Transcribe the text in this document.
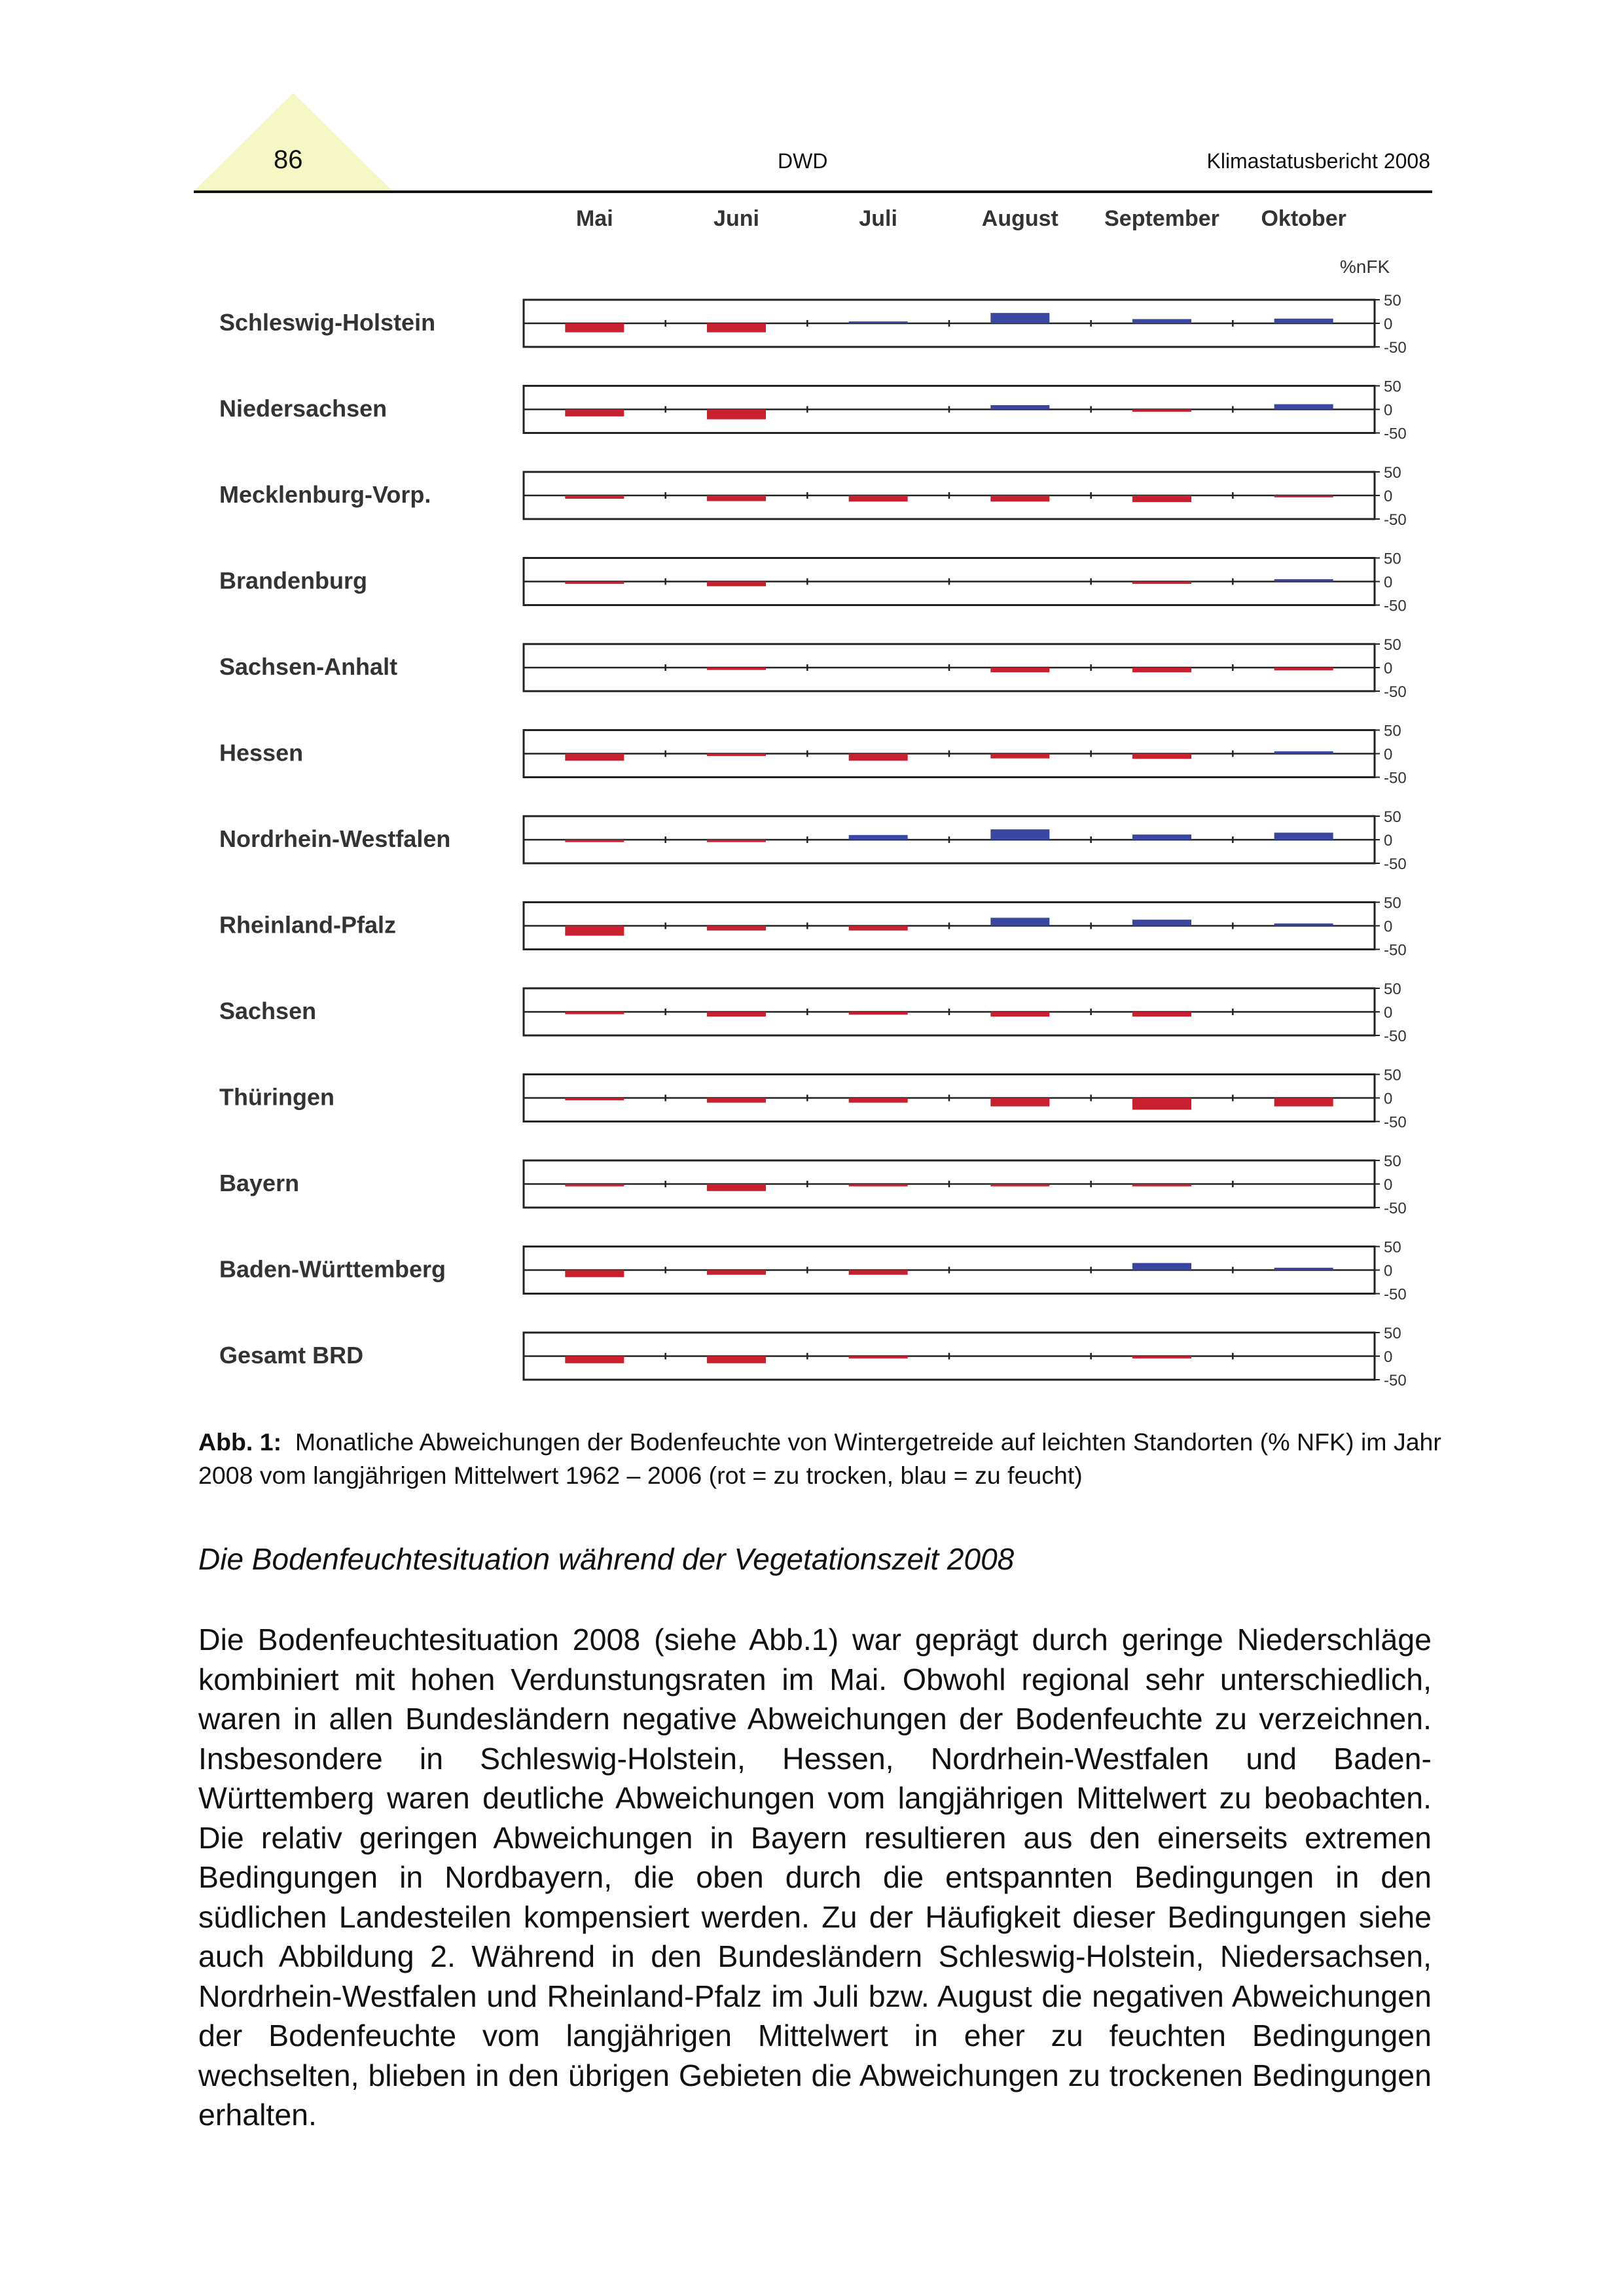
86	DWD	Klimastatusbericht 2008
Mai	Juni	Juli	August September Oktober
%nFK
50
0
-50
Schleswig-Holstein
50
0
-50
Niedersachsen
50
0
-50
Mecklenburg-Vorp.
50
0
-50
Brandenburg
50
0
-50
Sachsen-Anhalt
50
0
-50
Hessen
50
0
-50
Nordrhein-Westfalen
50
0
-50
Rheinland-Pfalz
50
0
-50
Sachsen
50
0
-50
Thüringen
50
0
-50
Bayern
50
0
-50
Baden-Württemberg
50
0
-50
Gesamt BRD
Abb. 1: Monatliche Abweichungen der Bodenfeuchte von Wintergetreide auf leichten Standorten (% NFK) im Jahr 2008 vom langjährigen Mittelwert 1962 – 2006 (rot = zu trocken, blau = zu feucht)
Die Bodenfeuchtesituation während der Vegetationszeit 2008
Die Bodenfeuchtesituation 2008 (siehe Abb.1) war geprägt durch geringe Niederschläge kombiniert mit hohen Verdunstungsraten im Mai. Obwohl regional sehr unterschiedlich, waren in allen Bundesländern negative Abweichungen der Bodenfeuchte zu verzeichnen. Insbesondere in Schleswig-Holstein, Hessen, Nordrhein-Westfalen und Baden-Württemberg waren deutliche Abweichungen vom langjährigen Mittelwert zu beobachten. Die relativ geringen Abweichungen in Bayern resultieren aus den einerseits extremen Bedingungen in Nordbayern, die oben durch die entspannten Bedingungen in den südlichen Landesteilen kompensiert werden. Zu der Häufigkeit dieser Bedingungen siehe auch Abbildung 2. Während in den Bundesländern Schleswig-Holstein, Niedersachsen, Nordrhein-Westfalen und Rheinland-Pfalz im Juli bzw. August die negativen Abweichungen der Bodenfeuchte vom langjährigen Mittelwert in eher zu feuchten Bedingungen wechselten, blieben in den übrigen Gebieten die Abweichungen zu trockenen Bedingungen erhalten.
